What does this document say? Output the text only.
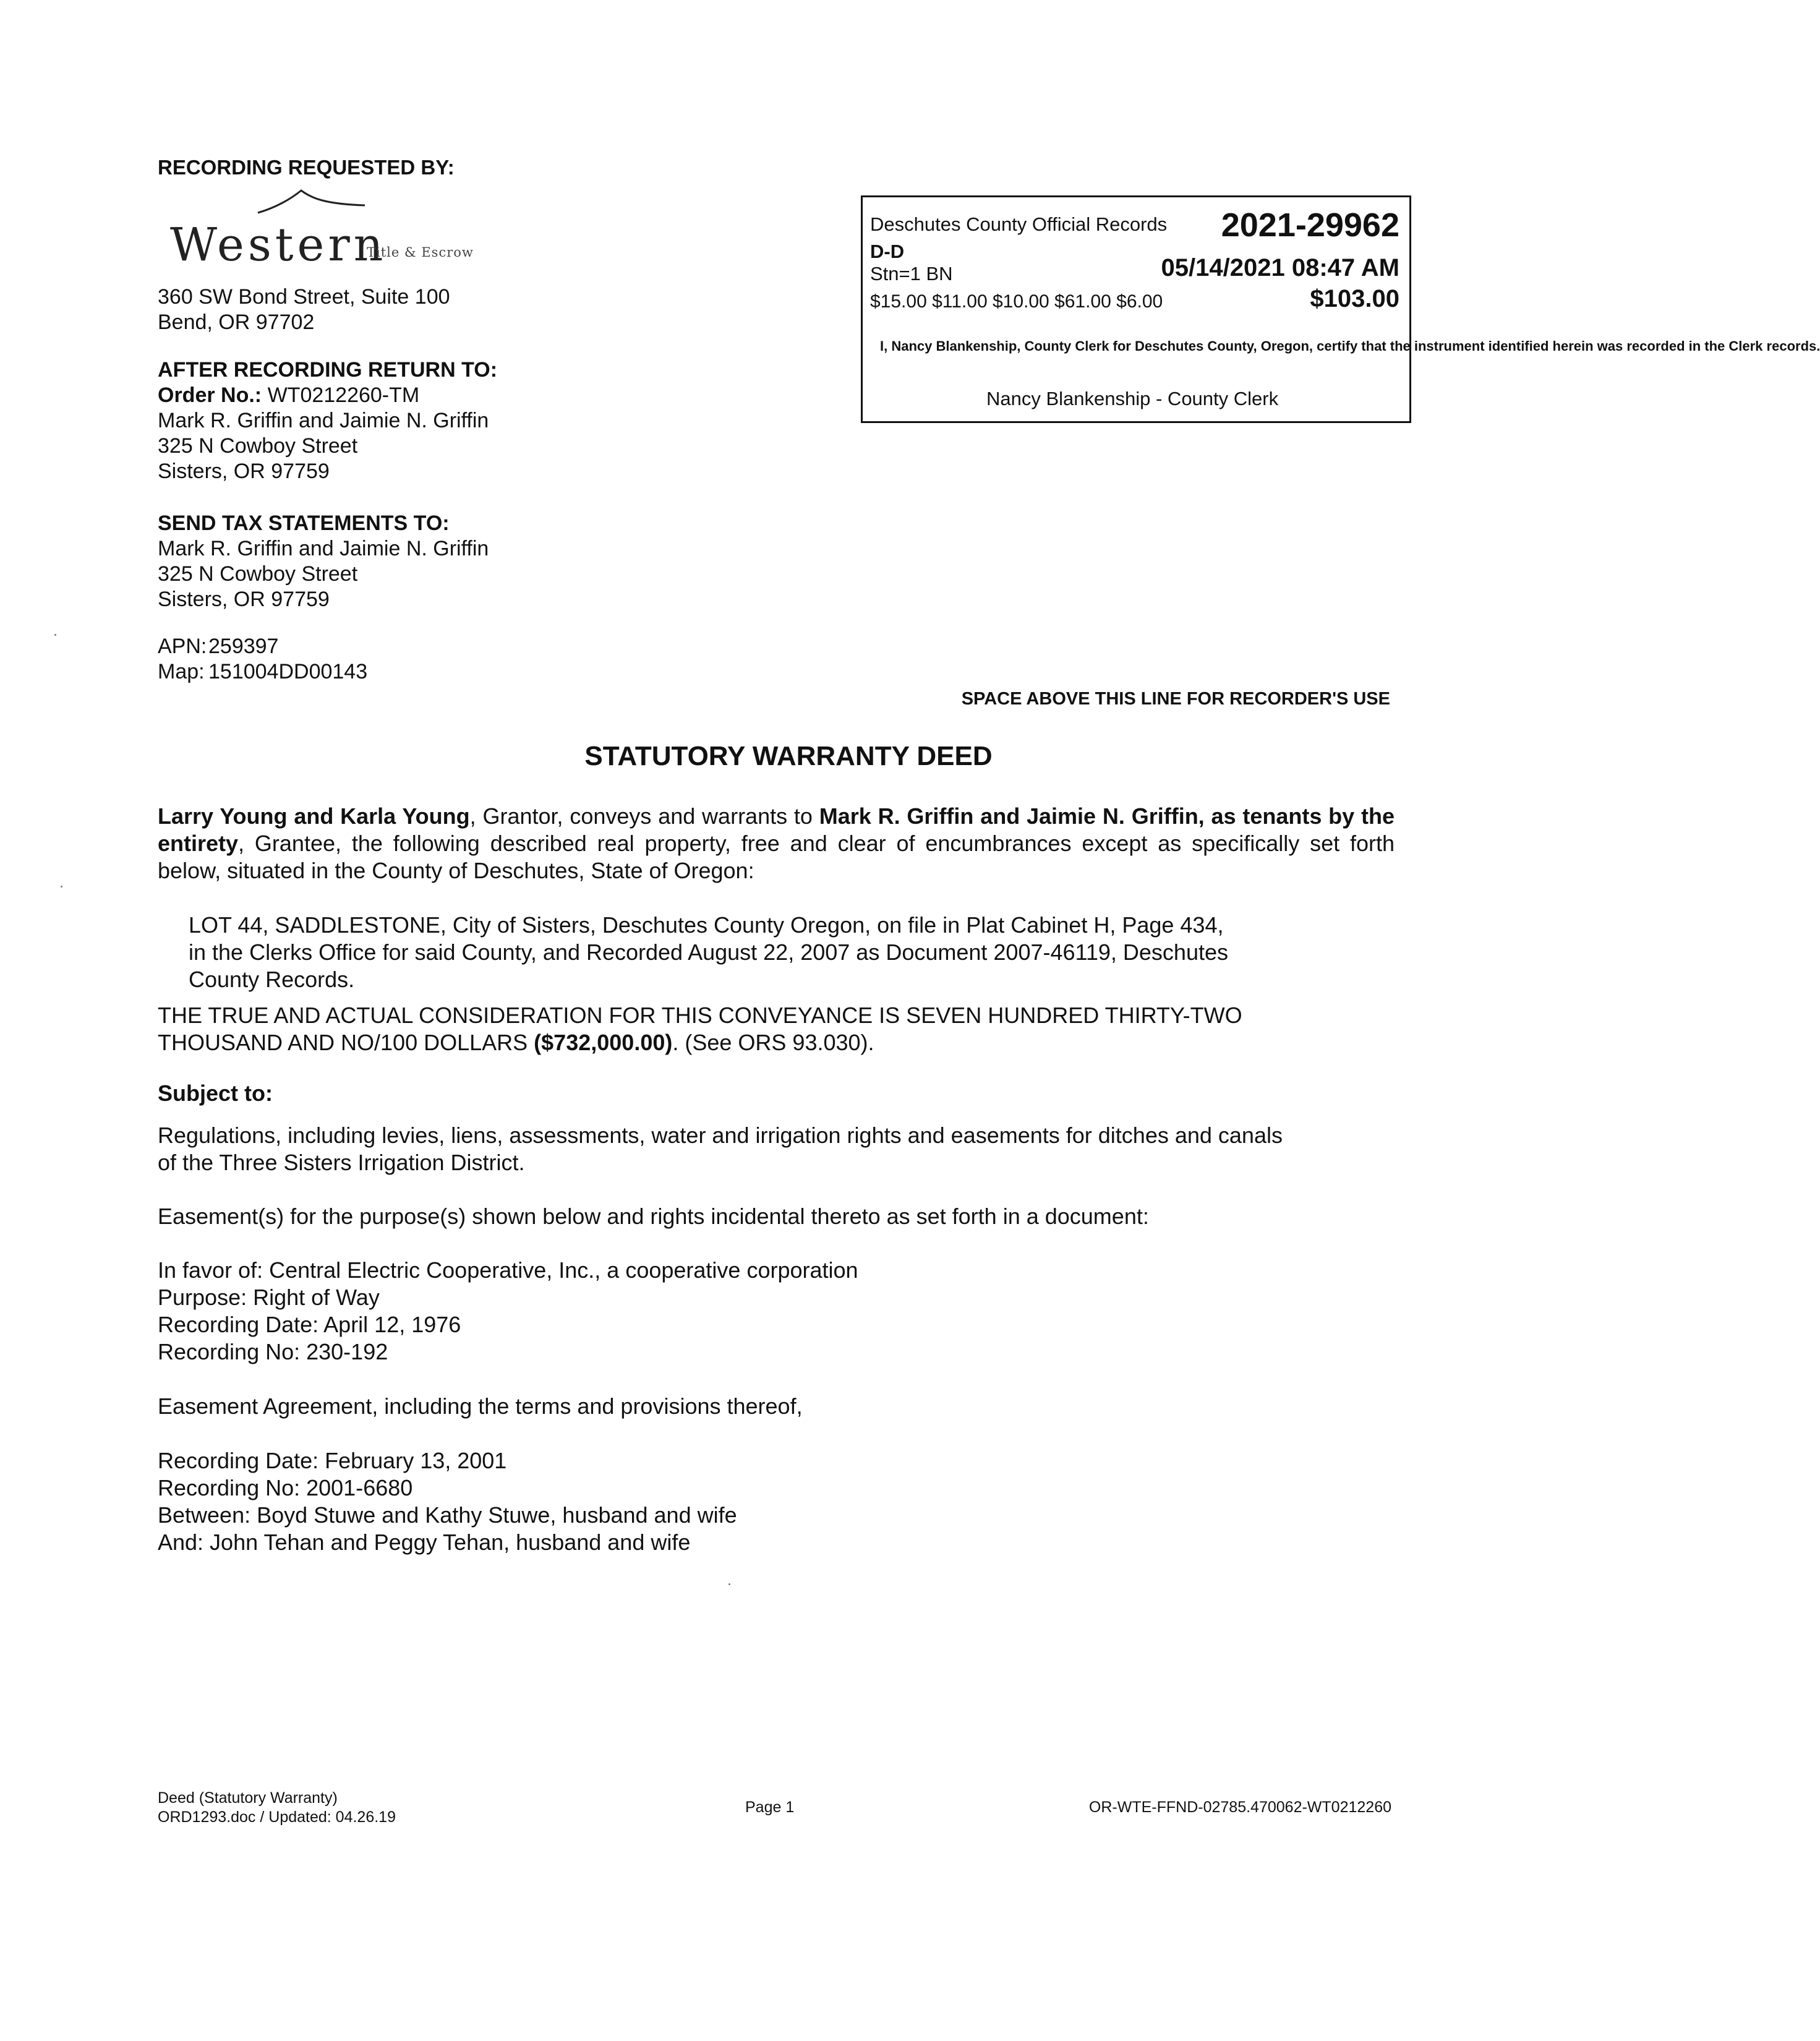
RECORDING REQUESTED BY:
Western
Title & Escrow
360 SW Bond Street, Suite 100
Bend, OR 97702
AFTER RECORDING RETURN TO:
Order No.: WT0212260-TM
Mark R. Griffin and Jaimie N. Griffin
325 N Cowboy Street
Sisters, OR 97759
SEND TAX STATEMENTS TO:
Mark R. Griffin and Jaimie N. Griffin
325 N Cowboy Street
Sisters, OR 97759
APN:259397
Map: 151004DD00143
Deschutes County Official Records 2021-29962
D-D
Stn=1 BN	05/14/2021 08:47 AM
$15.00 $11.00 $10.00 $61.00 $6.00	$103.00
I, Nancy Blankenship, County Clerk for Deschutes County, Oregon, certify that the instrument identified herein was recorded in the Clerk records.
Nancy Blankenship - County Clerk
SPACE ABOVE THIS LINE FOR RECORDER'S USE
STATUTORY WARRANTY DEED
Larry Young and Karla Young, Grantor, conveys and warrants to Mark R. Griffin and Jaimie N. Griffin, as tenants by the entirety, Grantee, the following described real property, free and clear of encumbrances except as specifically set forth below, situated in the County of Deschutes, State of Oregon:
LOT 44, SADDLESTONE, City of Sisters, Deschutes County Oregon, on file in Plat Cabinet H, Page 434,
in the Clerks Office for said County, and Recorded August 22, 2007 as Document 2007-46119, Deschutes
County Records.
THE TRUE AND ACTUAL CONSIDERATION FOR THIS CONVEYANCE IS SEVEN HUNDRED THIRTY-TWO
THOUSAND AND NO/100 DOLLARS ($732,000.00). (See ORS 93.030).
Subject to:
Regulations, including levies, liens, assessments, water and irrigation rights and easements for ditches and canals
of the Three Sisters Irrigation District.
Easement(s) for the purpose(s) shown below and rights incidental thereto as set forth in a document:
In favor of: Central Electric Cooperative, Inc., a cooperative corporation
Purpose: Right of Way
Recording Date: April 12, 1976
Recording No: 230-192
Easement Agreement, including the terms and provisions thereof,
Recording Date: February 13, 2001
Recording No: 2001-6680
Between: Boyd Stuwe and Kathy Stuwe, husband and wife
And: John Tehan and Peggy Tehan, husband and wife
Deed (Statutory Warranty)
ORD1293.doc / Updated: 04.26.19
Page 1	OR-WTE-FFND-02785.470062-WT0212260
